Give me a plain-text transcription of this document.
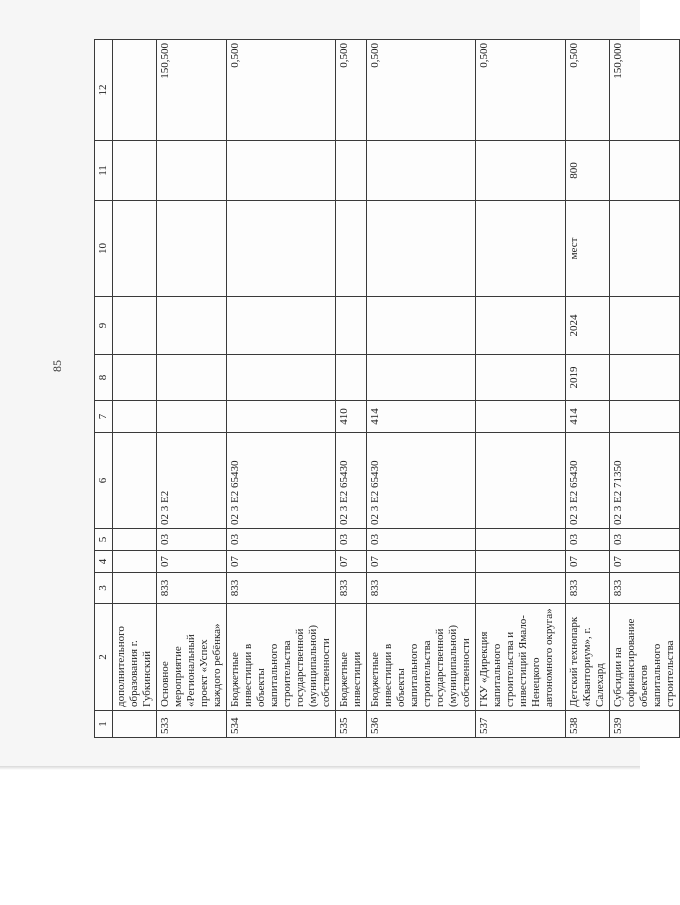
85
1	2	3	4	5	6	7	8	9	10	11	12
	дополнительного образования г. Губкинский										
533	Основное мероприятие «Региональный проект «Успех каждого ребёнка»	833	07	03	02 3 E2						150,500
534	Бюджетные инвестиции в объекты капитального строительства государственной (муниципальной) собственности	833	07	03	02 3 E2 65430						0,500
535	Бюджетные инвестиции	833	07	03	02 3 E2 65430	410					0,500
536	Бюджетные инвестиции в объекты капитального строительства государственной (муниципальной) собственности	833	07	03	02 3 E2 65430	414					0,500
537	ГКУ «Дирекция капитального строительства и инвестиций Ямало-Ненецкого автономного округа»										0,500
538	Детский технопарк «Кванториум», г. Салехард	833	07	03	02 3 E2 65430	414	2019	2024	мест	800	0,500
539	Субсидии на софинансирование объектов капитального строительства	833	07	03	02 3 E2 71350						150,000
